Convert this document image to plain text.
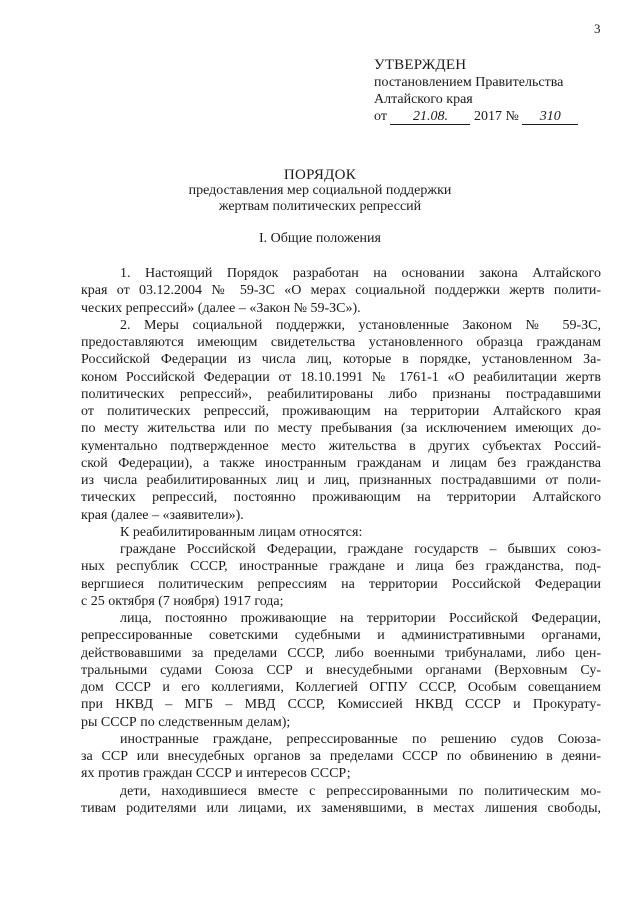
3
УТВЕРЖДЕН
постановлением Правительства
Алтайского края
от 21.08. 2017 № 310
ПОРЯДОК
предоставления мер социальной поддержки
жертвам политических репрессий
I. Общие положения
1. Настоящий Порядок разработан на основании закона Алтайского
края от 03.12.2004 № 59-ЗС «О мерах социальной поддержки жертв полити-
ческих репрессий» (далее – «Закон № 59-ЗС»).
2. Меры социальной поддержки, установленные Законом № 59-ЗС,
предоставляются имеющим свидетельства установленного образца гражданам
Российской Федерации из числа лиц, которые в порядке, установленном За-
коном Российской Федерации от 18.10.1991 № 1761-1 «О реабилитации жертв
политических репрессий», реабилитированы либо признаны пострадавшими
от политических репрессий, проживающим на территории Алтайского края
по месту жительства или по месту пребывания (за исключением имеющих до-
кументально подтвержденное место жительства в других субъектах Россий-
ской Федерации), а также иностранным гражданам и лицам без гражданства
из числа реабилитированных лиц и лиц, признанных пострадавшими от поли-
тических репрессий, постоянно проживающим на территории Алтайского
края (далее – «заявители»).
К реабилитированным лицам относятся:
граждане Российской Федерации, граждане государств – бывших союз-
ных республик СССР, иностранные граждане и лица без гражданства, под-
вергшиеся политическим репрессиям на территории Российской Федерации
с 25 октября (7 ноября) 1917 года;
лица, постоянно проживающие на территории Российской Федерации,
репрессированные советскими судебными и административными органами,
действовавшими за пределами СССР, либо военными трибуналами, либо цен-
тральными судами Союза ССР и внесудебными органами (Верховным Су-
дом СССР и его коллегиями, Коллегией ОГПУ СССР, Особым совещанием
при НКВД – МГБ – МВД СССР, Комиссией НКВД СССР и Прокурату-
ры СССР по следственным делам);
иностранные граждане, репрессированные по решению судов Союза-
за ССР или внесудебных органов за пределами СССР по обвинению в деяни-
ях против граждан СССР и интересов СССР;
дети, находившиеся вместе с репрессированными по политическим мо-
тивам родителями или лицами, их заменявшими, в местах лишения свободы,
